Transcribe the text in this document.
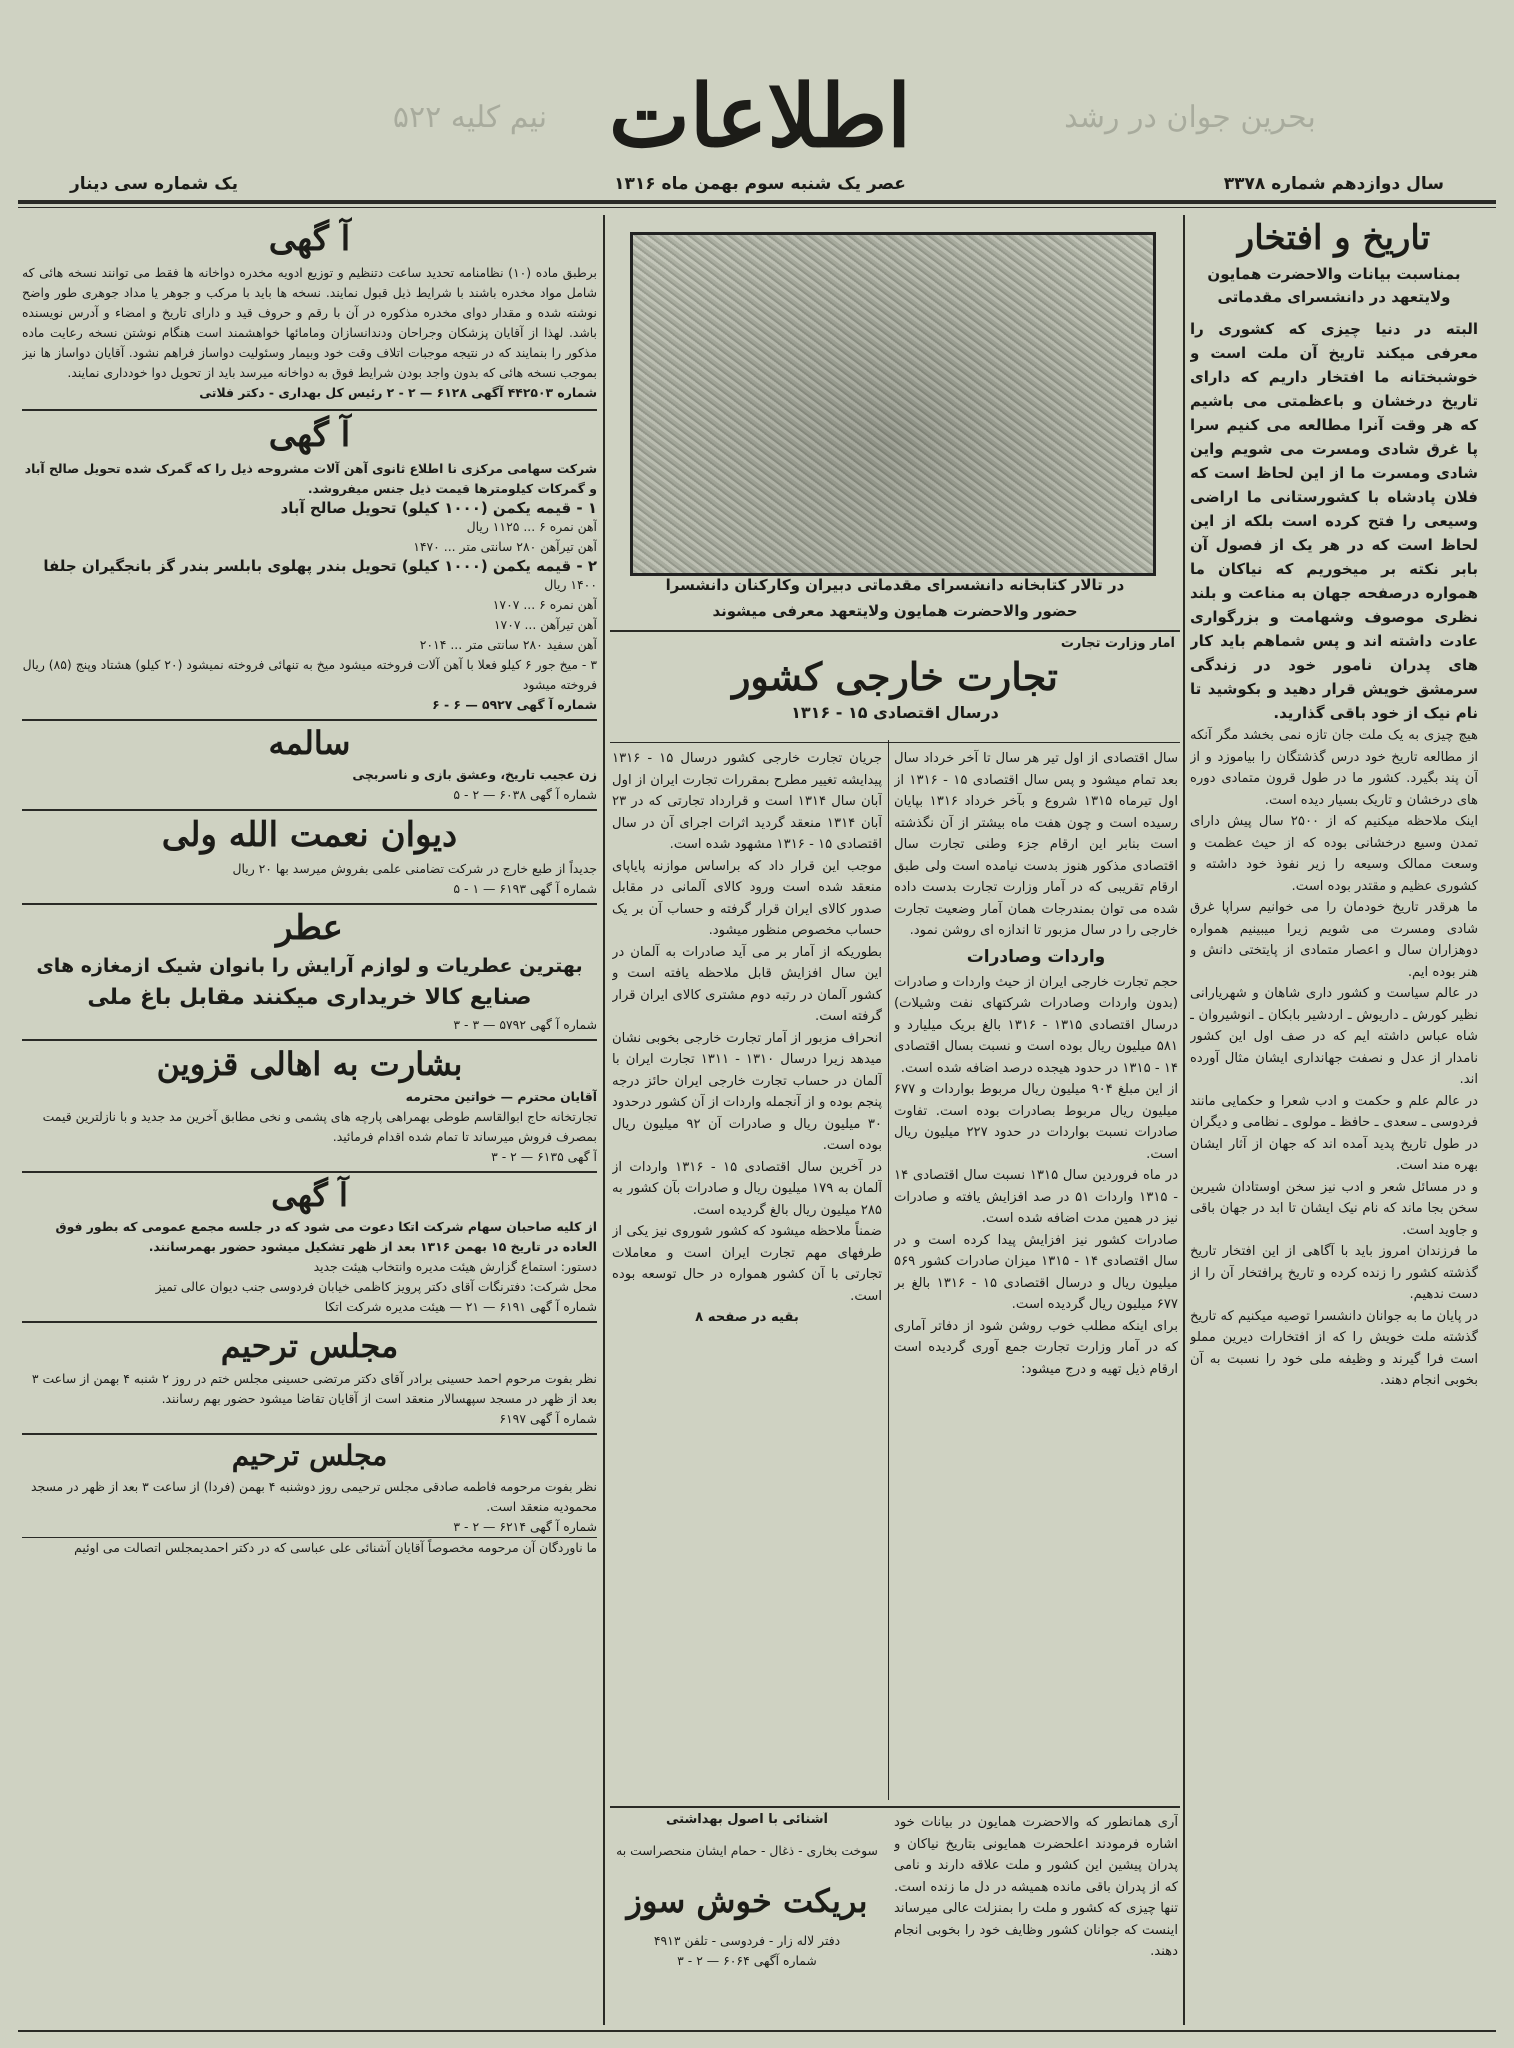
نیم کلیه ۵۲۲	بحرین جوان در رشد
اطلاعات
سال دوازدهم شماره ۳۳۷۸
عصر یک شنبه سوم بهمن ماه ۱۳۱۶
یک شماره سی دینار
تاریخ و افتخار

بمناسبت بیانات والاحضرت همایون ولایتعهد در دانشسرای مقدماتی

البته در دنیا چیزی که کشوری را معرفی میکند تاریخ آن ملت است و خوشبختانه ما افتخار داریم که دارای تاریخ درخشان و باعظمتی می باشیم که هر وقت آنرا مطالعه می کنیم سرا پا غرق شادی ومسرت می شویم واین شادی ومسرت ما از این لحاظ است که فلان پادشاه با کشورستانی ما اراضی وسیعی را فتح کرده است بلکه از این لحاظ است که در هر یک از فصول آن بابر نکته بر میخوریم که نیاکان ما همواره درصفحه جهان به مناعت و بلند نظری موصوف وشهامت و بزرگواری عادت داشته اند و پس شماهم باید کار های پدران نامور خود در زندگی سرمشق خویش قرار دهید و بکوشید تا نام نیک از خود باقی گذارید.

هیچ چیزی به یک ملت جان تازه نمی بخشد مگر آنکه از مطالعه تاریخ خود درس گذشتگان را بیاموزد و از آن پند بگیرد. کشور ما در طول قرون متمادی دوره های درخشان و تاریک بسیار دیده است.

اینک ملاحظه میکنیم که از ۲۵۰۰ سال پیش دارای تمدن وسیع درخشانی بوده که از حیث عظمت و وسعت ممالک وسیعه را زیر نفوذ خود داشته و کشوری عظیم و مقتدر بوده است.

ما هرقدر تاریخ خودمان را می خوانیم سراپا غرق شادی ومسرت می شویم زیرا میبینیم همواره دوهزاران سال و اعصار متمادی از پایتختی دانش و هنر بوده ایم.

در عالم سیاست و کشور داری شاهان و شهریارانی نظیر کورش ـ داریوش ـ اردشیر بابکان ـ انوشیروان ـ شاه عباس داشته ایم که در صف اول این کشور نامدار از عدل و نصفت جهانداری ایشان مثال آورده اند.

در عالم علم و حکمت و ادب شعرا و حکمایی مانند فردوسی ـ سعدی ـ حافظ ـ مولوی ـ نظامی و دیگران در طول تاریخ پدید آمده اند که جهان از آثار ایشان بهره مند است.

و در مسائل شعر و ادب نیز سخن اوستادان شیرین سخن بجا ماند که نام نیک ایشان تا ابد در جهان باقی و جاوید است.

ما فرزندان امروز باید با آگاهی از این افتخار تاریخ گذشته کشور را زنده کرده و تاریخ پرافتخار آن را از دست ندهیم.

در پایان ما به جوانان دانشسرا توصیه میکنیم که تاریخ گذشته ملت خویش را که از افتخارات دیرین مملو است فرا گیرند و وظیفه ملی خود را نسبت به آن بخوبی انجام دهند.

در تالار کتابخانه دانشسرای مقدماتی دبیران وکارکنان دانشسرا

حضور والاحضرت همایون ولایتعهد معرفی میشوند

آمار وزارت تجارت

تجارت خارجی کشور

درسال اقتصادی ۱۵ - ۱۳۱۶

سال اقتصادی از اول تیر هر سال تا آخر خرداد سال بعد تمام میشود و پس سال اقتصادی ۱۵ - ۱۳۱۶ از اول تیرماه ۱۳۱۵ شروع و بآخر خرداد ۱۳۱۶ بپایان رسیده است و چون هفت ماه بیشتر از آن نگذشته است بنابر این ارقام جزء وطنی تجارت سال اقتصادی مذکور هنوز بدست نیامده است ولی طبق ارقام تقریبی که در آمار وزارت تجارت بدست داده شده می توان بمندرجات همان آمار وضعیت تجارت خارجی را در سال مزبور تا اندازه ای روشن نمود.

واردات وصادرات

حجم تجارت خارجی ایران از حیث واردات و صادرات (بدون واردات وصادرات شرکتهای نفت وشیلات) درسال اقتصادی ۱۳۱۵ - ۱۳۱۶ بالغ بریک میلیارد و ۵۸۱ میلیون ریال بوده است و نسبت بسال اقتصادی ۱۴ - ۱۳۱۵ در حدود هیجده درصد اضافه شده است.

از این مبلغ ۹۰۴ میلیون ریال مربوط بواردات و ۶۷۷ میلیون ریال مربوط بصادرات بوده است. تفاوت صادرات نسبت بواردات در حدود ۲۲۷ میلیون ریال است.

در ماه فروردین سال ۱۳۱۵ نسبت سال اقتصادی ۱۴ - ۱۳۱۵ واردات ۵۱ در صد افزایش یافته و صادرات نیز در همین مدت اضافه شده است.

صادرات کشور نیز افزایش پیدا کرده است و در سال اقتصادی ۱۴ - ۱۳۱۵ میزان صادرات کشور ۵۶۹ میلیون ریال و درسال اقتصادی ۱۵ - ۱۳۱۶ بالغ بر ۶۷۷ میلیون ریال گردیده است.

برای اینکه مطلب خوب روشن شود از دفاتر آماری که در آمار وزارت تجارت جمع آوری گردیده است ارقام ذیل تهیه و درج میشود:

جریان تجارت خارجی کشور درسال ۱۵ - ۱۳۱۶ پیدایشه تغییر مطرح بمقررات تجارت ایران از اول آبان سال ۱۳۱۴ است و قرارداد تجارتی که در ۲۳ آبان ۱۳۱۴ منعقد گردید اثرات اجرای آن در سال اقتصادی ۱۵ - ۱۳۱۶ مشهود شده است.

موجب این قرار داد که براساس موازنه پایاپای منعقد شده است ورود کالای آلمانی در مقابل صدور کالای ایران قرار گرفته و حساب آن بر یک حساب مخصوص منظور میشود.

بطوریکه از آمار بر می آید صادرات به آلمان در این سال افزایش قابل ملاحظه یافته است و کشور آلمان در رتبه دوم مشتری کالای ایران قرار گرفته است.

انحراف مزبور از آمار تجارت خارجی بخوبی نشان میدهد زیرا درسال ۱۳۱۰ - ۱۳۱۱ تجارت ایران با آلمان در حساب تجارت خارجی ایران حائز درجه پنجم بوده و از آنجمله واردات از آن کشور درحدود ۳۰ میلیون ریال و صادرات آن ۹۲ میلیون ریال بوده است.

در آخرین سال اقتصادی ۱۵ - ۱۳۱۶ واردات از آلمان به ۱۷۹ میلیون ریال و صادرات بآن کشور به ۲۸۵ میلیون ریال بالغ گردیده است.

ضمناً ملاحظه میشود که کشور شوروی نیز یکی از طرفهای مهم تجارت ایران است و معاملات تجارتی با آن کشور همواره در حال توسعه بوده است.

بقیه در صفحه ۸

آری همانطور که والاحضرت همایون در بیانات خود اشاره فرمودند اعلحضرت همایونی بتاریخ نیاکان و پدران پیشین این کشور و ملت علاقه دارند و نامی که از پدران باقی مانده همیشه در دل ما زنده است. تنها چیزی که کشور و ملت را بمنزلت عالی میرساند اینست که جوانان کشور وظایف خود را بخوبی انجام دهند.

آشنائی با اصول بهداشتی

سوخت بخاری - ذغال - حمام ایشان منحصراست به

بریکت خوش سوز

دفتر لاله زار - فردوسی - تلفن ۴۹۱۳

شماره آگهی ۶۰۶۴ — ۲ - ۳

آ گهی

برطبق ماده (۱۰) نظامنامه تحدید ساعت دتنظیم و توزیع ادویه مخدره دواخانه ها فقط می توانند نسخه هائی که شامل مواد مخدره باشند با شرایط ذیل قبول نمایند. نسخه ها باید با مرکب و جوهر یا مداد جوهری طور واضح نوشته شده و مقدار دوای مخدره مذکوره در آن با رقم و حروف قید و دارای تاریخ و امضاء و آدرس نویسنده باشد. لهذا از آقایان پزشکان وجراحان ودندانسازان ومامائها خواهشمند است هنگام نوشتن نسخه رعایت ماده مذکور را بنمایند که در نتیجه موجبات اتلاف وقت خود وبیمار وسئولیت دواساز فراهم نشود. آقایان دواساز ها نیز بموجب نسخه هائی که بدون واجد بودن شرایط فوق به دواخانه میرسد باید از تحویل دوا خودداری نمایند.

شماره ۴۴۲۵۰۳ آگهی ۶۱۲۸ — ۲ - ۲ رئیس کل بهداری - دکتر فلاتی

آ گهی

شرکت سهامی مرکزی نا اطلاع ثانوی آهن آلات مشروحه ذیل را که گمرک شده تحویل صالح آباد و گمرکات کیلومترها قیمت ذیل جنس میفروشد.

۱ - قیمه یکمن (۱۰۰۰ کیلو) تحویل صالح آباد

آهن نمره ۶ ... ۱۱۲۵ ریال

آهن تیرآهن ۲۸۰ سانتی متر ... ۱۴۷۰

۲ - قیمه یکمن (۱۰۰۰ کیلو) تحویل بندر پهلوی بابلسر بندر گز بانجگیران جلفا

۱۴۰۰ ریال

آهن نمره ۶ ... ۱۷۰۷

آهن تیرآهن ... ۱۷۰۷

آهن سفید ۲۸۰ سانتی متر ... ۲۰۱۴

۳ - میخ جور ۶ کیلو فعلا با آهن آلات فروخته میشود میخ به تنهائی فروخته نمیشود (۲۰ کیلو) هشتاد وپنج (۸۵) ریال فروخته میشود

شماره آ گهی ۵۹۲۷ — ۶ - ۶

سالمه

زن عجیب تاریخ، وعشق بازی و ناسربچی

شماره آ گهی ۶۰۳۸ — ۲ - ۵

دیوان نعمت الله ولی

جدیداً از طبع خارج در شرکت تضامنی علمی بفروش میرسد بها ۲۰ ریال

شماره آ گهی ۶۱۹۳ — ۱ - ۵

عطر

بهترین عطریات و لوازم آرایش را بانوان شیک ازمغازه های

صنایع کالا خریداری میکنند مقابل باغ ملی

شماره آ گهی ۵۷۹۲ — ۳ - ۳

بشارت به اهالی قزوین

آقایان محترم — خواتین محترمه

تجارتخانه حاج ابوالقاسم طوطی بهمراهی پارچه های پشمی و نخی مطابق آخرین مد جدید و با نازلترین قیمت بمصرف فروش میرساند تا تمام شده اقدام فرمائید.

آ گهی ۶۱۳۵ — ۲ - ۳

آ گهی

از کلیه صاحبان سهام شرکت اتکا دعوت می شود که در جلسه مجمع عمومی که بطور فوق العاده در تاریخ ۱۵ بهمن ۱۳۱۶ بعد از ظهر تشکیل میشود حضور بهمرسانند.

دستور: استماع گزارش هیئت مدیره وانتخاب هیئت جدید

محل شرکت: دفترنگات آقای دکتر پرویز کاظمی خیابان فردوسی جنب دیوان عالی تمیز

شماره آ گهی ۶۱۹۱ — ۲۱ — هیئت مدیره شرکت اتکا

مجلس ترحیم

نظر بفوت مرحوم احمد حسینی برادر آقای دکتر مرتضی حسینی مجلس ختم در روز ۲ شنبه ۴ بهمن از ساعت ۳ بعد از ظهر در مسجد سپهسالار منعقد است از آقایان تقاضا میشود حضور بهم رسانند.

شماره آ گهی ۶۱۹۷

مجلس ترحیم

نظر بفوت مرحومه فاطمه صادقی مجلس ترحیمی روز دوشنبه ۴ بهمن (فردا) از ساعت ۳ بعد از ظهر در مسجد محمودیه منعقد است.

شماره آ گهی ۶۲۱۴ — ۲ - ۳

ما ناوردگان آن مرحومه مخصوصاً آقایان آشنائی علی عباسی که در دکتر احمدیمجلس اتصالت می اوئیم
